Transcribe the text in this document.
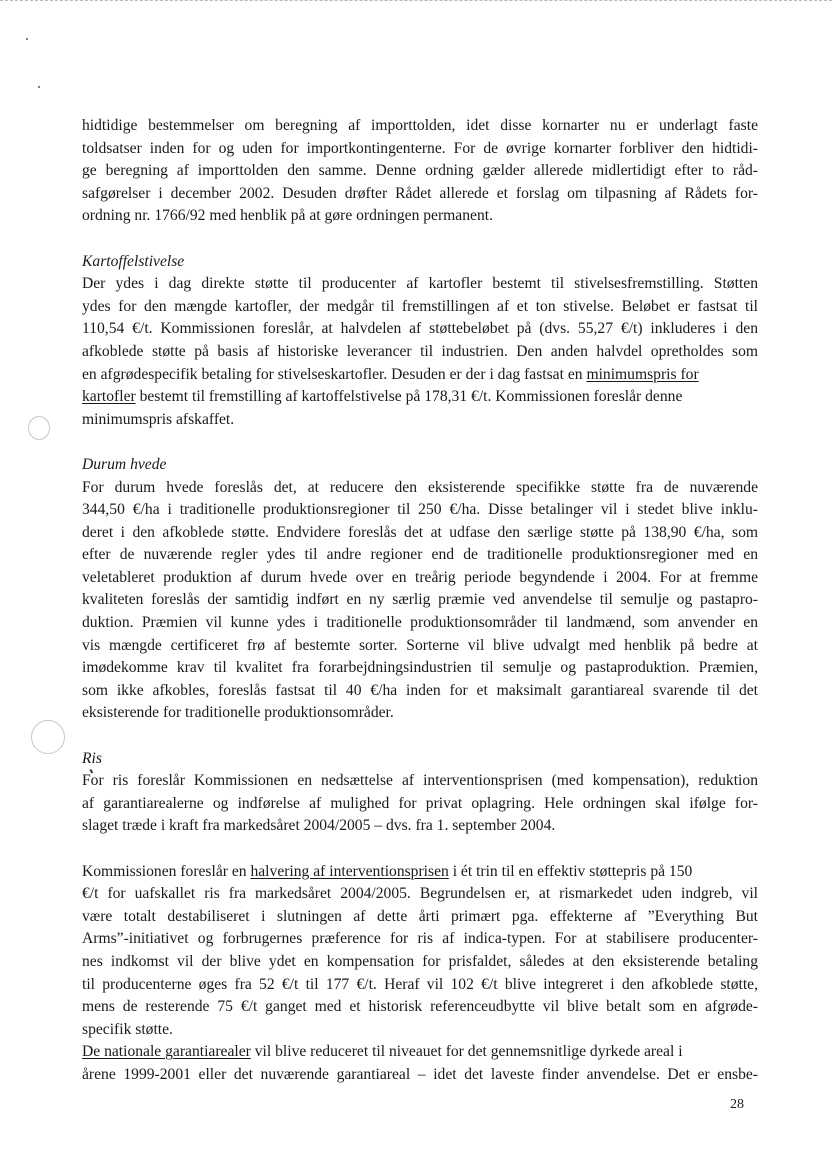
hidtidige bestemmelser om beregning af importtolden, idet disse kornarter nu er underlagt faste
toldsatser inden for og uden for importkontingenterne. For de øvrige kornarter forbliver den hidtidi-
ge beregning af importtolden den samme. Denne ordning gælder allerede midlertidigt efter to råd-
safgørelser i december 2002. Desuden drøfter Rådet allerede et forslag om tilpasning af Rådets for-
ordning nr. 1766/92 med henblik på at gøre ordningen permanent.
Kartoffelstivelse
Der ydes i dag direkte støtte til producenter af kartofler bestemt til stivelsesfremstilling. Støtten
ydes for den mængde kartofler, der medgår til fremstillingen af et ton stivelse. Beløbet er fastsat til
110,54 €/t. Kommissionen foreslår, at halvdelen af støttebeløbet på (dvs. 55,27 €/t) inkluderes i den
afkoblede støtte på basis af historiske leverancer til industrien. Den anden halvdel opretholdes som
en afgrødespecifik betaling for stivelseskartofler. Desuden er der i dag fastsat en minimumspris for
kartofler bestemt til fremstilling af kartoffelstivelse på 178,31 €/t. Kommissionen foreslår denne
minimumspris afskaffet.
Durum hvede
For durum hvede foreslås det, at reducere den eksisterende specifikke støtte fra de nuværende
344,50 €/ha i traditionelle produktionsregioner til 250 €/ha. Disse betalinger vil i stedet blive inklu-
deret i den afkoblede støtte. Endvidere foreslås det at udfase den særlige støtte på 138,90 €/ha, som
efter de nuværende regler ydes til andre regioner end de traditionelle produktionsregioner med en
veletableret produktion af durum hvede over en treårig periode begyndende i 2004. For at fremme
kvaliteten foreslås der samtidig indført en ny særlig præmie ved anvendelse til semulje og pastapro-
duktion. Præmien vil kunne ydes i traditionelle produktionsområder til landmænd, som anvender en
vis mængde certificeret frø af bestemte sorter. Sorterne vil blive udvalgt med henblik på bedre at
imødekomme krav til kvalitet fra forarbejdningsindustrien til semulje og pastaproduktion. Præmien,
som ikke afkobles, foreslås fastsat til 40 €/ha inden for et maksimalt garantiareal svarende til det
eksisterende for traditionelle produktionsområder.
Ris
For ris foreslår Kommissionen en nedsættelse af interventionsprisen (med kompensation), reduktion
af garantiarealerne og indførelse af mulighed for privat oplagring. Hele ordningen skal ifølge for-
slaget træde i kraft fra markedsåret 2004/2005 – dvs. fra 1. september 2004.
Kommissionen foreslår en halvering af interventionsprisen i ét trin til en effektiv støttepris på 150
€/t for uafskallet ris fra markedsåret 2004/2005. Begrundelsen er, at rismarkedet uden indgreb, vil
være totalt destabiliseret i slutningen af dette årti primært pga. effekterne af ”Everything But
Arms”-initiativet og forbrugernes præference for ris af indica-typen. For at stabilisere producenter-
nes indkomst vil der blive ydet en kompensation for prisfaldet, således at den eksisterende betaling
til producenterne øges fra 52 €/t til 177 €/t. Heraf vil 102 €/t blive integreret i den afkoblede støtte,
mens de resterende 75 €/t ganget med et historisk referenceudbytte vil blive betalt som en afgrøde-
specifik støtte.
De nationale garantiarealer vil blive reduceret til niveauet for det gennemsnitlige dyrkede areal i
årene 1999-2001 eller det nuværende garantiareal – idet det laveste finder anvendelse. Det er ensbe-
28
